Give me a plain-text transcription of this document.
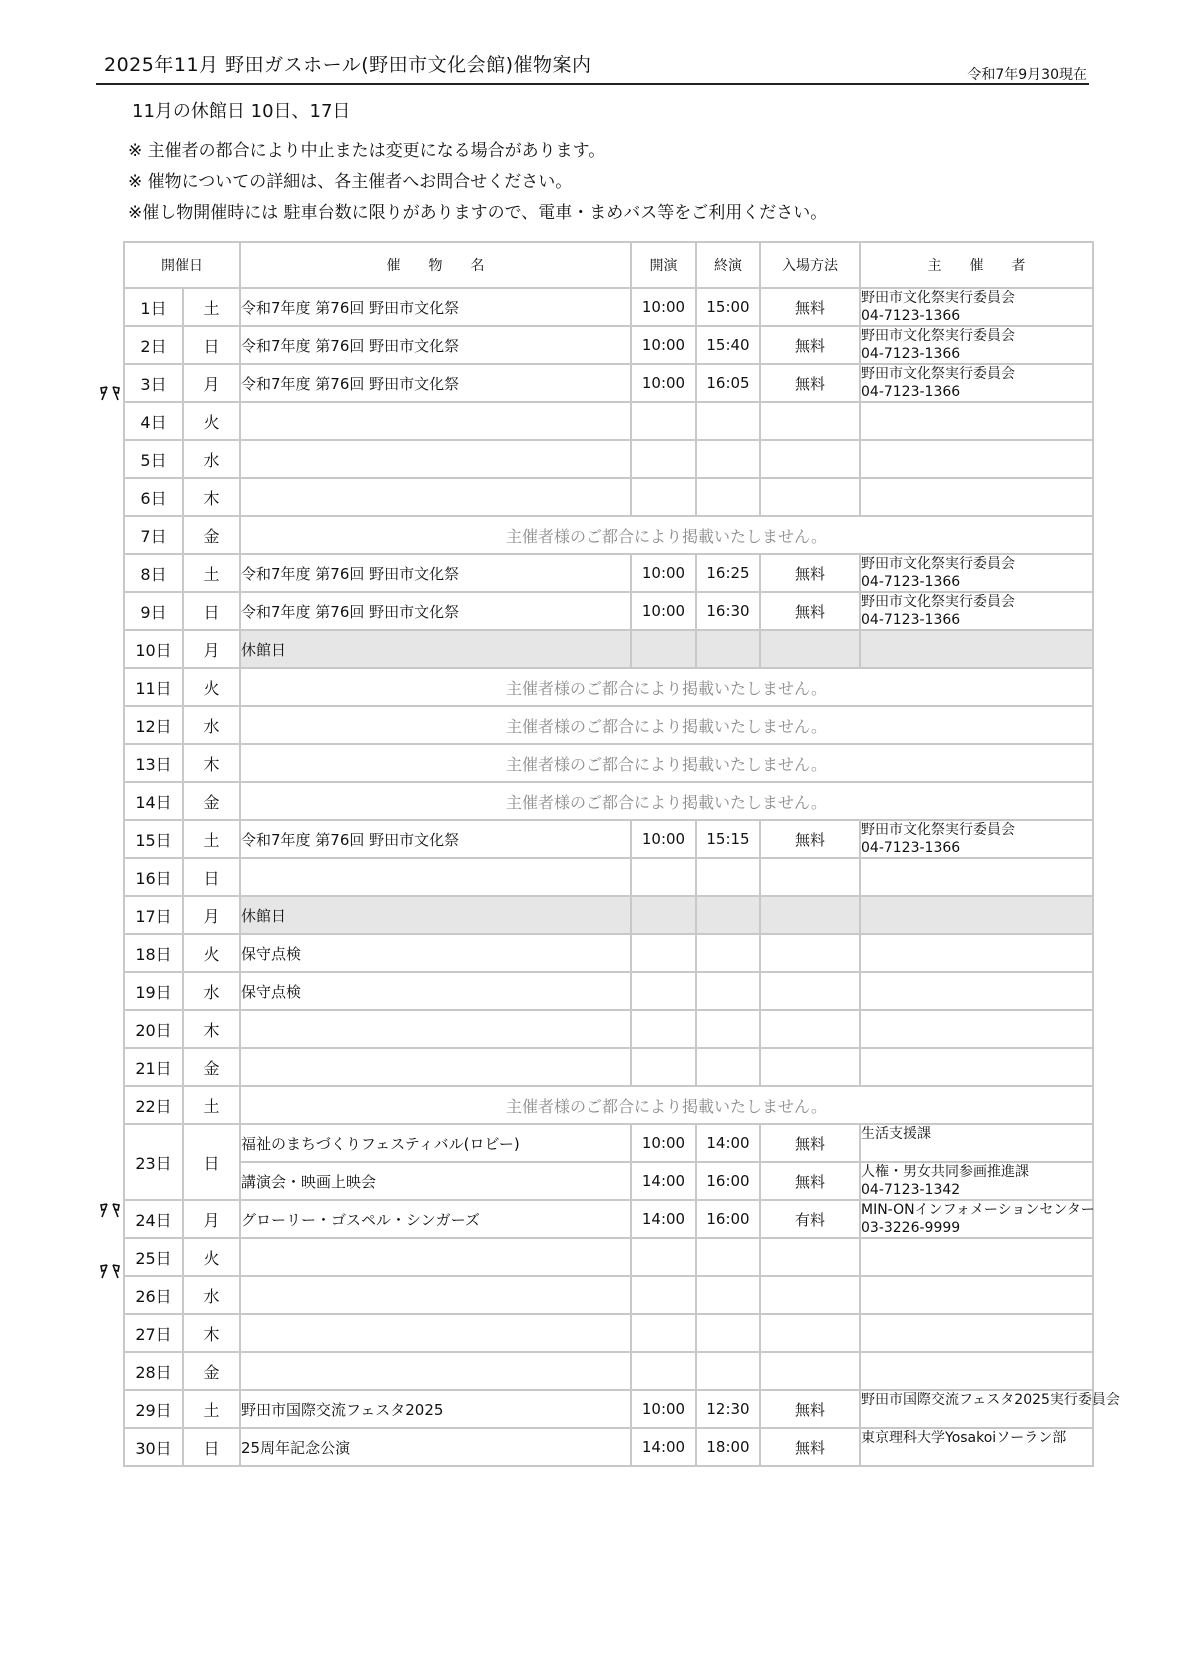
2025年11月 野田ガスホール(野田市文化会館)催物案内	令和7年9月30現在
11月の休館日 10日、17日
※ 主催者の都合により中止または変更になる場合があります。
※ 催物についての詳細は、各主催者へお問合せください。
※催し物開催時には 駐車台数に限りがありますので、電車・まめバス等をご利用ください。
開催日		催　　物　　名	開演	終演	入場方法	主　　催　　者
1日	土	令和7年度 第76回 野田市文化祭	10:00	15:00	無料	野田市文化祭実行委員会
04-7123-1366

2日	日	令和7年度 第76回 野田市文化祭	10:00	15:40	無料	野田市文化祭実行委員会
04-7123-1366

3日	月	令和7年度 第76回 野田市文化祭	10:00	16:05	無料	野田市文化祭実行委員会
04-7123-1366

4日	火					

5日	水					

6日	木					

7日	金	主催者様のご都合により掲載いたしません。				
8日	土	令和7年度 第76回 野田市文化祭	10:00	16:25	無料	野田市文化祭実行委員会
04-7123-1366

9日	日	令和7年度 第76回 野田市文化祭	10:00	16:30	無料	野田市文化祭実行委員会
04-7123-1366

10日	月	休館日				

11日	火	主催者様のご都合により掲載いたしません。				
12日	水	主催者様のご都合により掲載いたしません。				
13日	木	主催者様のご都合により掲載いたしません。				
14日	金	主催者様のご都合により掲載いたしません。				
15日	土	令和7年度 第76回 野田市文化祭	10:00	15:15	無料	野田市文化祭実行委員会
04-7123-1366

16日	日					

17日	月	休館日				

18日	火	保守点検				

19日	水	保守点検				

20日	木					

21日	金					

22日	土	主催者様のご都合により掲載いたしません。				
23日	日	福祉のまちづくりフェスティバル(ロビー)	10:00	14:00	無料	生活支援課

		講演会・映画上映会	14:00	16:00	無料	人権・男女共同参画推進課
04-7123-1342

24日	月	グローリー・ゴスペル・シンガーズ	14:00	16:00	有料	MIN-ONインフォメーションセンター
03-3226-9999

25日	火					

26日	水					

27日	木					

28日	金					

29日	土	野田市国際交流フェスタ2025	10:00	12:30	無料	野田市国際交流フェスタ2025実行委員会

30日	日	25周年記念公演	14:00	18:00	無料	東京理科大学Yosakoiソーラン部
